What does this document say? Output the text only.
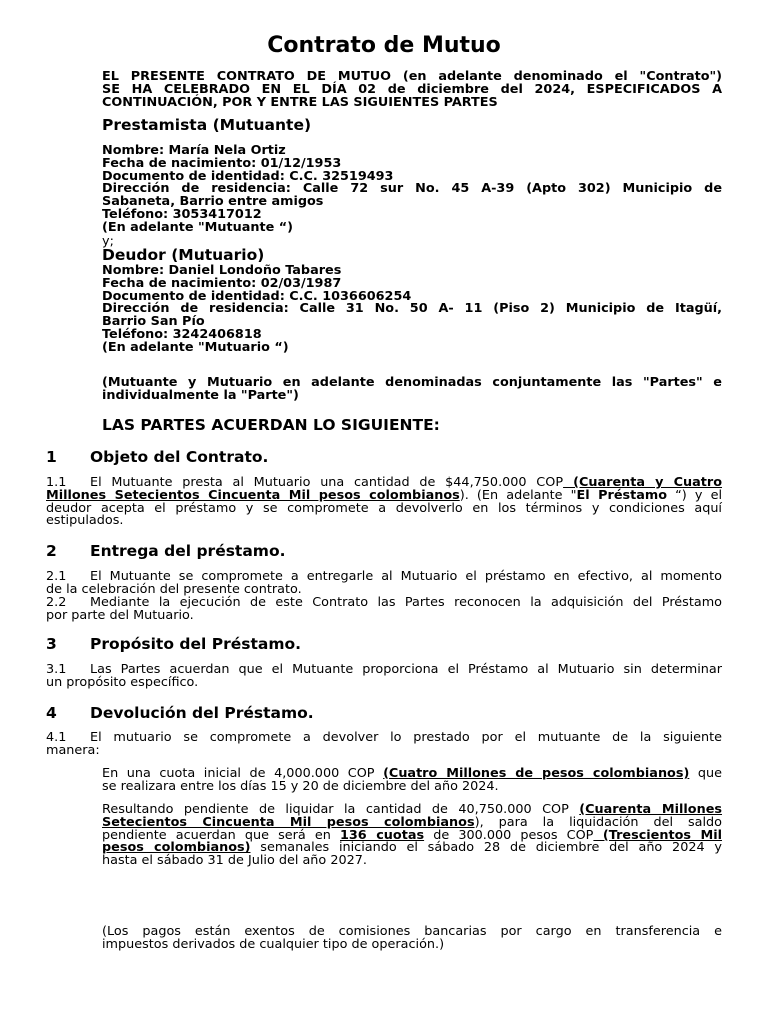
Contrato de Mutuo
EL PRESENTE CONTRATO DE MUTUO (en adelante denominado el "Contrato")
SE HA CELEBRADO EN EL DÍA 02 de diciembre del 2024, ESPECIFICADOS A
CONTINUACIÓN, POR Y ENTRE LAS SIGUIENTES PARTES
Prestamista (Mutuante)
Nombre: María Nela Ortiz
Fecha de nacimiento: 01/12/1953
Documento de identidad: C.C. 32519493
Dirección de residencia: Calle 72 sur No. 45 A-39 (Apto 302) Municipio de
Sabaneta, Barrio entre amigos
Teléfono: 3053417012
(En adelante "Mutuante “)
y;
Deudor (Mutuario)
Nombre: Daniel Londoño Tabares
Fecha de nacimiento: 02/03/1987
Documento de identidad: C.C. 1036606254
Dirección de residencia: Calle 31 No. 50 A- 11 (Piso 2) Municipio de Itagüí,
Barrio San Pío
Teléfono: 3242406818
(En adelante "Mutuario “)
(Mutuante y Mutuario en adelante denominadas conjuntamente las "Partes" e
individualmente la "Parte")
LAS PARTES ACUERDAN LO SIGUIENTE:
1 Objeto del Contrato.
1.1 El Mutuante presta al Mutuario una cantidad de $44,750.000 COP (Cuarenta y Cuatro
Millones Setecientos Cincuenta Mil pesos colombianos). (En adelante "El Préstamo “) y el
deudor acepta el préstamo y se compromete a devolverlo en los términos y condiciones aquí
estipulados.
2 Entrega del préstamo.
2.1 El Mutuante se compromete a entregarle al Mutuario el préstamo en efectivo, al momento
de la celebración del presente contrato.
2.2 Mediante la ejecución de este Contrato las Partes reconocen la adquisición del Préstamo
por parte del Mutuario.
3 Propósito del Préstamo.
3.1 Las Partes acuerdan que el Mutuante proporciona el Préstamo al Mutuario sin determinar
un propósito específico.
4 Devolución del Préstamo.
4.1 El mutuario se compromete a devolver lo prestado por el mutuante de la siguiente
manera:
En una cuota inicial de 4,000.000 COP (Cuatro Millones de pesos colombianos) que
se realizara entre los días 15 y 20 de diciembre del año 2024.
Resultando pendiente de liquidar la cantidad de 40,750.000 COP (Cuarenta Millones
Setecientos Cincuenta Mil pesos colombianos), para la liquidación del saldo
pendiente acuerdan que será en 136 cuotas de 300.000 pesos COP (Trescientos Mil
pesos colombianos) semanales iniciando el sábado 28 de diciembre del año 2024 y
hasta el sábado 31 de Julio del año 2027.
(Los pagos están exentos de comisiones bancarias por cargo en transferencia e
impuestos derivados de cualquier tipo de operación.)
